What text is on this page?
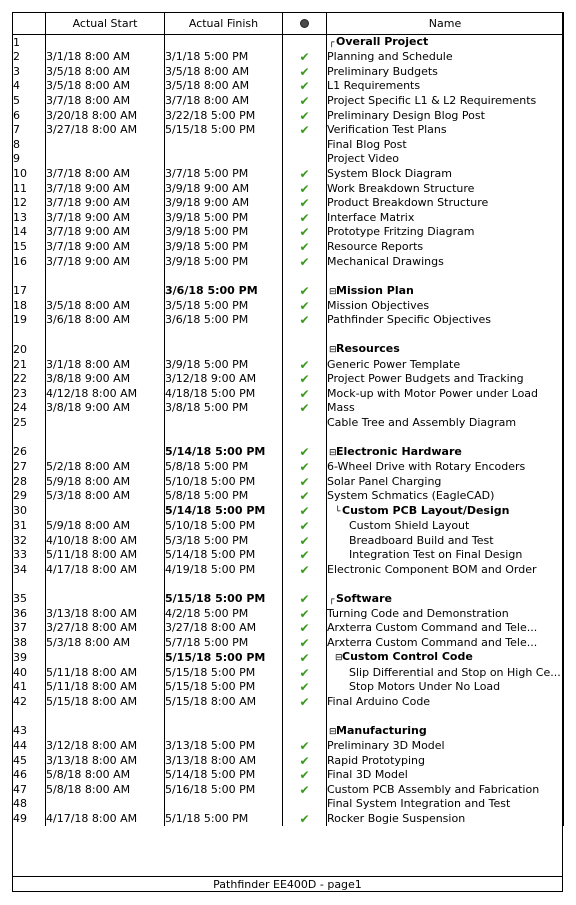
	Actual Start	Actual Finish		Name
1				┌ Overall Project
2	3/1/18 8:00 AM	3/1/18 5:00 PM	✔	Planning and Schedule
3	3/5/18 8:00 AM	3/5/18 8:00 AM	✔	Preliminary Budgets
4	3/5/18 8:00 AM	3/5/18 8:00 AM	✔	L1 Requirements
5	3/7/18 8:00 AM	3/7/18 8:00 AM	✔	Project Specific L1 & L2 Requirements
6	3/20/18 8:00 AM	3/22/18 5:00 PM	✔	Preliminary Design Blog Post
7	3/27/18 8:00 AM	5/15/18 5:00 PM	✔	Verification Test Plans
8				Final Blog Post
9				Project Video
10	3/7/18 8:00 AM	3/7/18 5:00 PM	✔	System Block Diagram
11	3/7/18 9:00 AM	3/9/18 9:00 AM	✔	Work Breakdown Structure
12	3/7/18 9:00 AM	3/9/18 9:00 AM	✔	Product Breakdown Structure
13	3/7/18 9:00 AM	3/9/18 5:00 PM	✔	Interface Matrix
14	3/7/18 9:00 AM	3/9/18 5:00 PM	✔	Prototype Fritzing Diagram
15	3/7/18 9:00 AM	3/9/18 5:00 PM	✔	Resource Reports
16	3/7/18 9:00 AM	3/9/18 5:00 PM	✔	Mechanical Drawings

17		3/6/18 5:00 PM	✔	⊟Mission Plan
18	3/5/18 8:00 AM	3/5/18 5:00 PM	✔	Mission Objectives
19	3/6/18 8:00 AM	3/6/18 5:00 PM	✔	Pathfinder Specific Objectives

20				⊟Resources
21	3/1/18 8:00 AM	3/9/18 5:00 PM	✔	Generic Power Template
22	3/8/18 9:00 AM	3/12/18 9:00 AM	✔	Project Power Budgets and Tracking
23	4/12/18 8:00 AM	4/18/18 5:00 PM	✔	Mock-up with Motor Power under Load
24	3/8/18 9:00 AM	3/8/18 5:00 PM	✔	Mass
25				Cable Tree and Assembly Diagram

26		5/14/18 5:00 PM	✔	⊟Electronic Hardware
27	5/2/18 8:00 AM	5/8/18 5:00 PM	✔	6-Wheel Drive with Rotary Encoders
28	5/9/18 8:00 AM	5/10/18 5:00 PM	✔	Solar Panel Charging
29	5/3/18 8:00 AM	5/8/18 5:00 PM	✔	System Schmatics (EagleCAD)
30		5/14/18 5:00 PM	✔	└ Custom PCB Layout/Design
31	5/9/18 8:00 AM	5/10/18 5:00 PM	✔	Custom Shield Layout
32	4/10/18 8:00 AM	5/3/18 5:00 PM	✔	Breadboard Build and Test
33	5/11/18 8:00 AM	5/14/18 5:00 PM	✔	Integration Test on Final Design
34	4/17/18 8:00 AM	4/19/18 5:00 PM	✔	Electronic Component BOM and Order

35		5/15/18 5:00 PM	✔	┌ Software
36	3/13/18 8:00 AM	4/2/18 5:00 PM	✔	Turning Code and Demonstration
37	3/27/18 8:00 AM	3/27/18 8:00 AM	✔	Arxterra Custom Command and Tele...
38	5/3/18 8:00 AM	5/7/18 5:00 PM	✔	Arxterra Custom Command and Tele...
39		5/15/18 5:00 PM	✔	⊟Custom Control Code
40	5/11/18 8:00 AM	5/15/18 5:00 PM	✔	Slip Differential and Stop on High Ce...
41	5/11/18 8:00 AM	5/15/18 5:00 PM	✔	Stop Motors Under No Load
42	5/15/18 8:00 AM	5/15/18 8:00 AM	✔	Final Arduino Code

43				⊟Manufacturing
44	3/12/18 8:00 AM	3/13/18 5:00 PM	✔	Preliminary 3D Model
45	3/13/18 8:00 AM	3/13/18 8:00 AM	✔	Rapid Prototyping
46	5/8/18 8:00 AM	5/14/18 5:00 PM	✔	Final 3D Model
47	5/8/18 8:00 AM	5/16/18 5:00 PM	✔	Custom PCB Assembly and Fabrication
48				Final System Integration and Test
49	4/17/18 8:00 AM	5/1/18 5:00 PM	✔	Rocker Bogie Suspension
Pathfinder EE400D - page1
